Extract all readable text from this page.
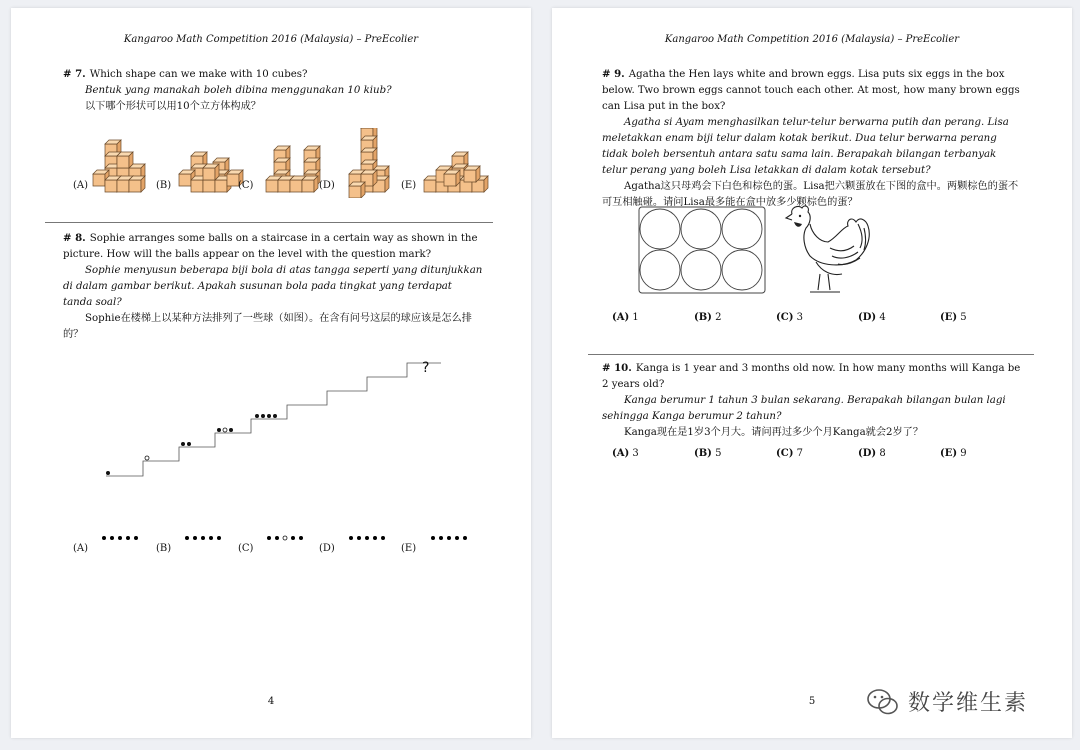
Kangaroo Math Competition 2016 (Malaysia) – PreEcolier

# 7. Which shape can we make with 10 cubes?

Bentuk yang manakah boleh dibina menggunakan 10 kiub?

以下哪个形状可以用10个立方体构成？

(A)	(B)	(C)	(D)	(E)

# 8. Sophie arranges some balls on a staircase in a certain way as shown in the picture. How will the balls appear on the level with the question mark?

Sophie menyusun beberapa biji bola di atas tangga seperti yang ditunjukkan di dalam gambar berikut. Apakah susunan bola pada tingkat yang terdapat tanda soal?

Sophie在楼梯上以某种方法排列了一些球（如图）。在含有问号这层的球应该是怎么排的？

?
(A)	(B)	(C)	(D)	(E)
4
Kangaroo Math Competition 2016 (Malaysia) – PreEcolier

# 9. Agatha the Hen lays white and brown eggs. Lisa puts six eggs in the box below. Two brown eggs cannot touch each other. At most, how many brown eggs can Lisa put in the box?

Agatha si Ayam menghasilkan telur-telur berwarna putih dan perang. Lisa meletakkan enam biji telur dalam kotak berikut. Dua telur berwarna perang tidak boleh bersentuh antara satu sama lain. Berapakah bilangan terbanyak telur perang yang boleh Lisa letakkan di dalam kotak tersebut?

Agatha这只母鸡会下白色和棕色的蛋。Lisa把六颗蛋放在下图的盒中。两颗棕色的蛋不可互相触碰。请问Lisa最多能在盒中放多少颗棕色的蛋？

(A) 1	(B) 2	(C) 3	(D) 4	(E) 5

# 10. Kanga is 1 year and 3 months old now. In how many months will Kanga be 2 years old?

Kanga berumur 1 tahun 3 bulan sekarang. Berapakah bilangan bulan lagi sehingga Kanga berumur 2 tahun?

Kanga现在是1岁3个月大。请问再过多少个月Kanga就会2岁了？

(A) 3	(B) 5	(C) 7	(D) 8	(E) 9
5	数学维生素
